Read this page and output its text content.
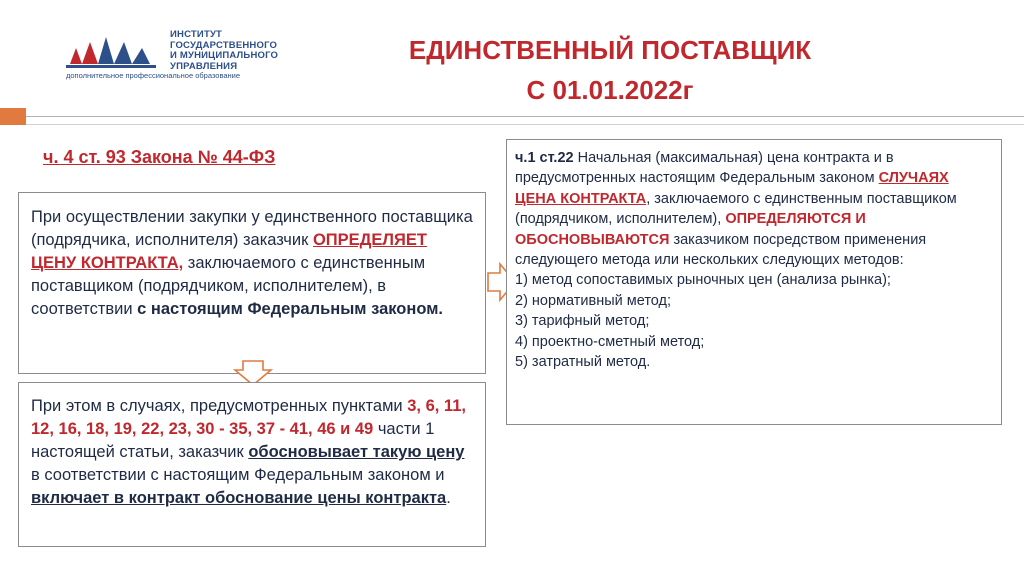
ИНСТИТУТ
ГОСУДАРСТВЕННОГО
И МУНИЦИПАЛЬНОГО
УПРАВЛЕНИЯ
дополнительное профессиональное образование
ЕДИНСТВЕННЫЙ ПОСТАВЩИК
С 01.01.2022г
ч. 4 ст. 93 Закона № 44-ФЗ
При осуществлении закупки у единственного поставщика (подрядчика, исполнителя) заказчик ОПРЕДЕЛЯЕТ ЦЕНУ КОНТРАКТА, заключаемого с единственным поставщиком (подрядчиком, исполнителем), в соответствии с настоящим Федеральным законом.
При этом в случаях, предусмотренных пунктами 3, 6, 11, 12, 16, 18, 19, 22, 23, 30 - 35, 37 - 41, 46 и 49 части 1 настоящей статьи, заказчик обосновывает такую цену в соответствии с настоящим Федеральным законом и включает в контракт обоснование цены контракта.
ч.1 ст.22 Начальная (максимальная) цена контракта и в предусмотренных настоящим Федеральным законом СЛУЧАЯХ ЦЕНА КОНТРАКТА, заключаемого с единственным поставщиком (подрядчиком, исполнителем), ОПРЕДЕЛЯЮТСЯ И ОБОСНОВЫВАЮТСЯ заказчиком посредством применения следующего метода или нескольких следующих методов:
1) метод сопоставимых рыночных цен (анализа рынка);
2) нормативный метод;
3) тарифный метод;
4) проектно-сметный метод;
5) затратный метод.
